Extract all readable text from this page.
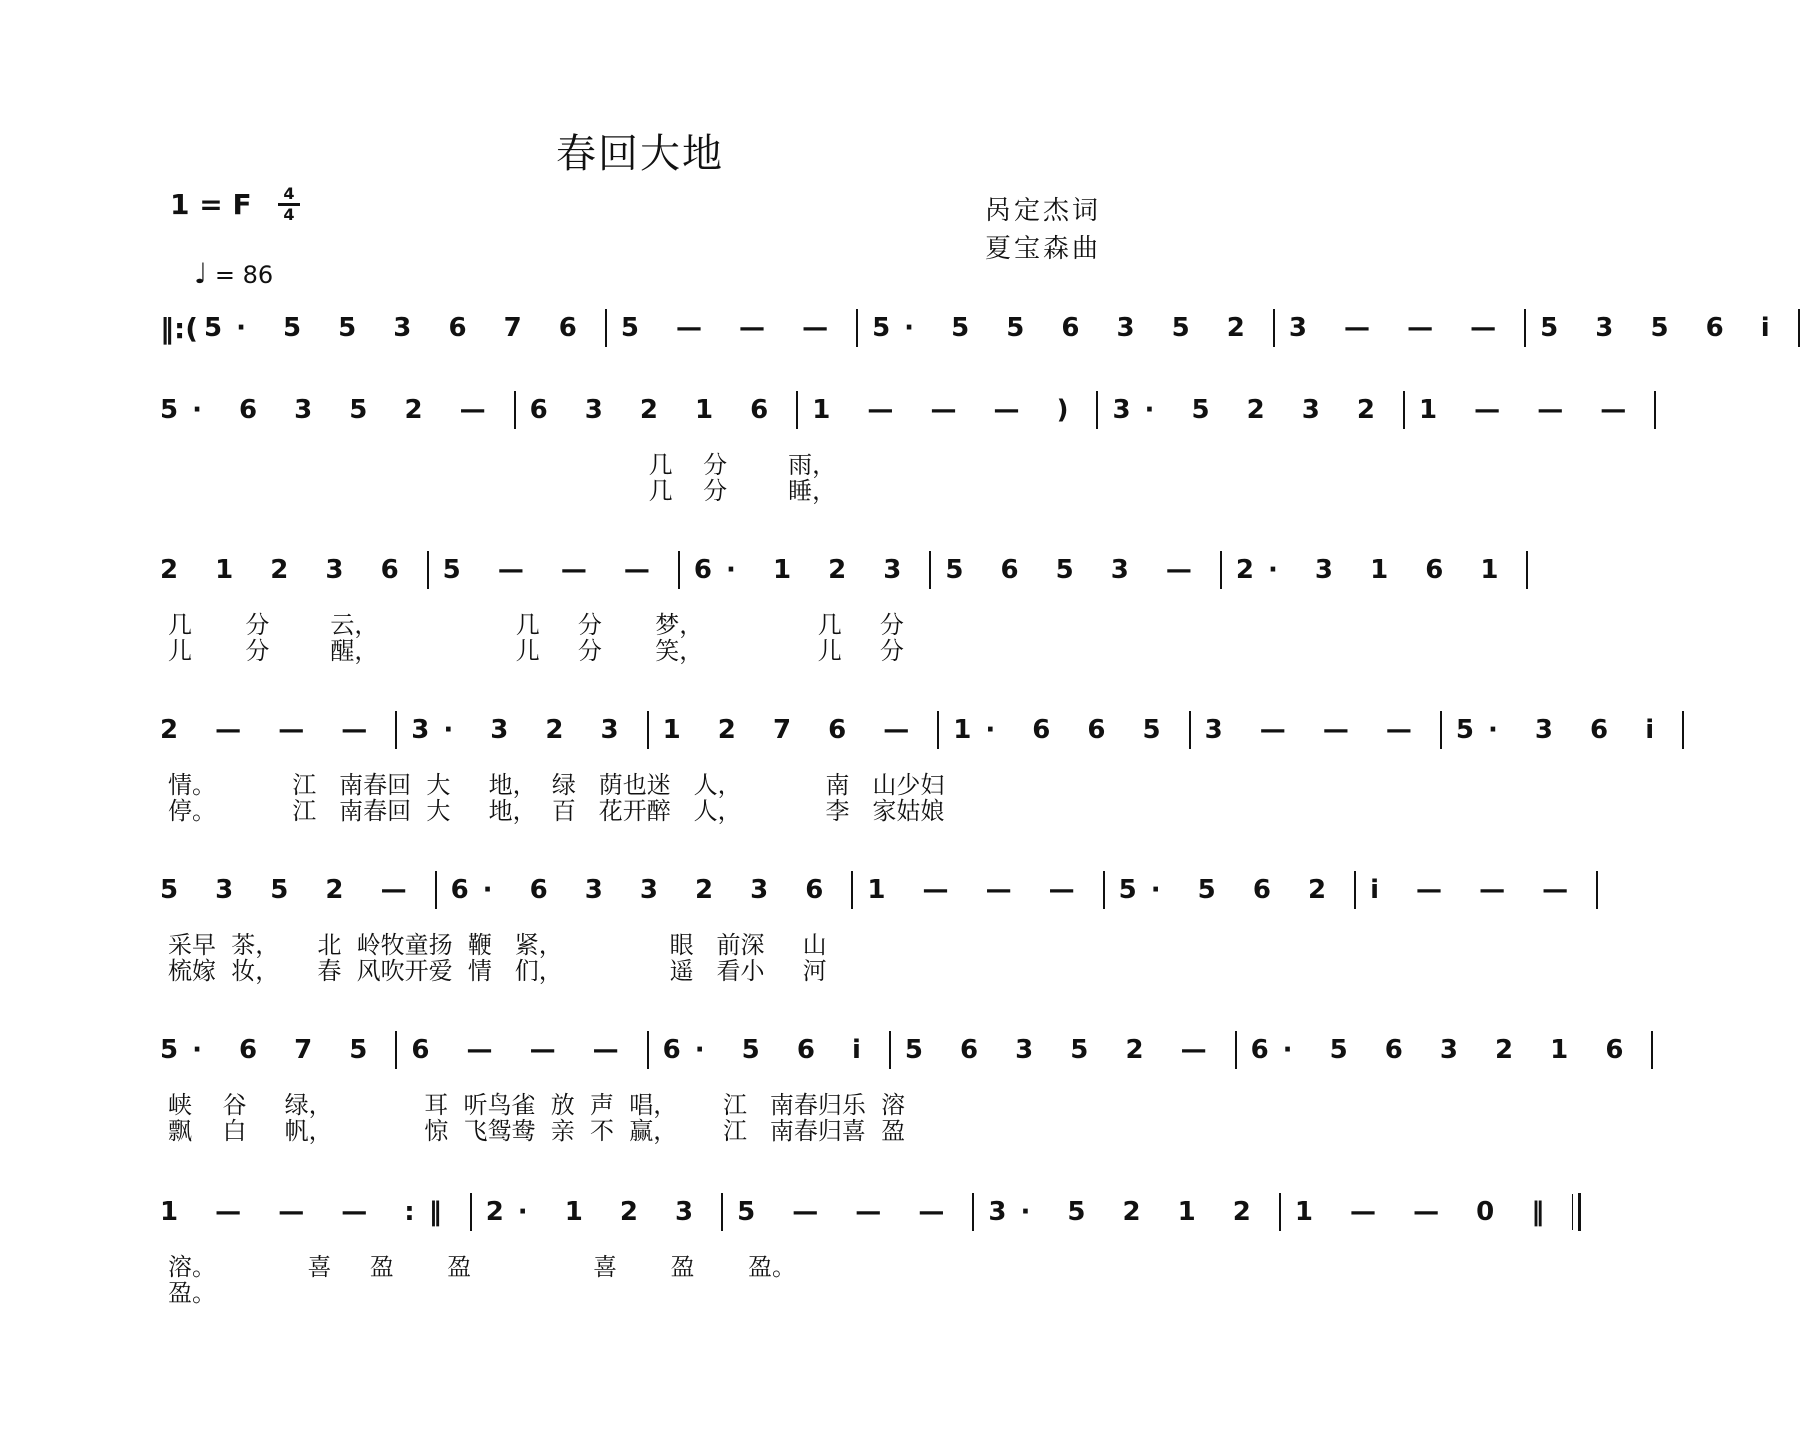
春回大地
1 = F	4
4
♩ = 86
呙定杰词
夏宝森曲
‖:( 5· 5 5 3 6 7 6 5 — — — 5· 5 5 6 3 5 2 3 — — — 5 3 5 6 i
5· 6 3 5 2 — 6 3 2 1 6 1 — — — ) 3· 5 2 3 2 1 — — —
几    分        雨，
几    分        睡，
2 1 2 3 6 5 — — — 6· 1 2 3 5 6 5 3 — 2· 3 1 6 1
几       分        云，                  几     分       梦，               几     分
儿       分        醒，                  儿     分       笑，               儿     分
2 — — — 3· 3 2 3 1 2 7 6 — 1· 6 6 5 3 — — — 5· 3 6 i
情。          江   南春回  大     地，  绿   荫也迷   人，           南   山少妇
停。          江   南春回  大     地，  百   花开醉   人，           李   家姑娘
5 3 5 2 — 6· 6 3 3 2 3 6 1 — — — 5· 5 6 2 i — — —
采早  茶，     北  岭牧童扬  鞭   紧，              眼   前深     山
梳嫁  妆，     春  风吹开爱  情   们，              遥   看小     河
5· 6 7 5 6 — — — 6· 5 6 i 5 6 3 5 2 — 6· 5 6 3 2 1 6
峡    谷     绿，            耳  听鸟雀  放  声  唱，      江   南春归乐  溶
飘    白     帆，            惊  飞鸳鸯  亲  不  赢，      江   南春归喜  盈
1 — — — :‖ 2· 1 2 3 5 — — — 3· 5 2 1 2 1 — — 0 ‖
溶。            喜     盈       盈                喜       盈       盈。
盈。
